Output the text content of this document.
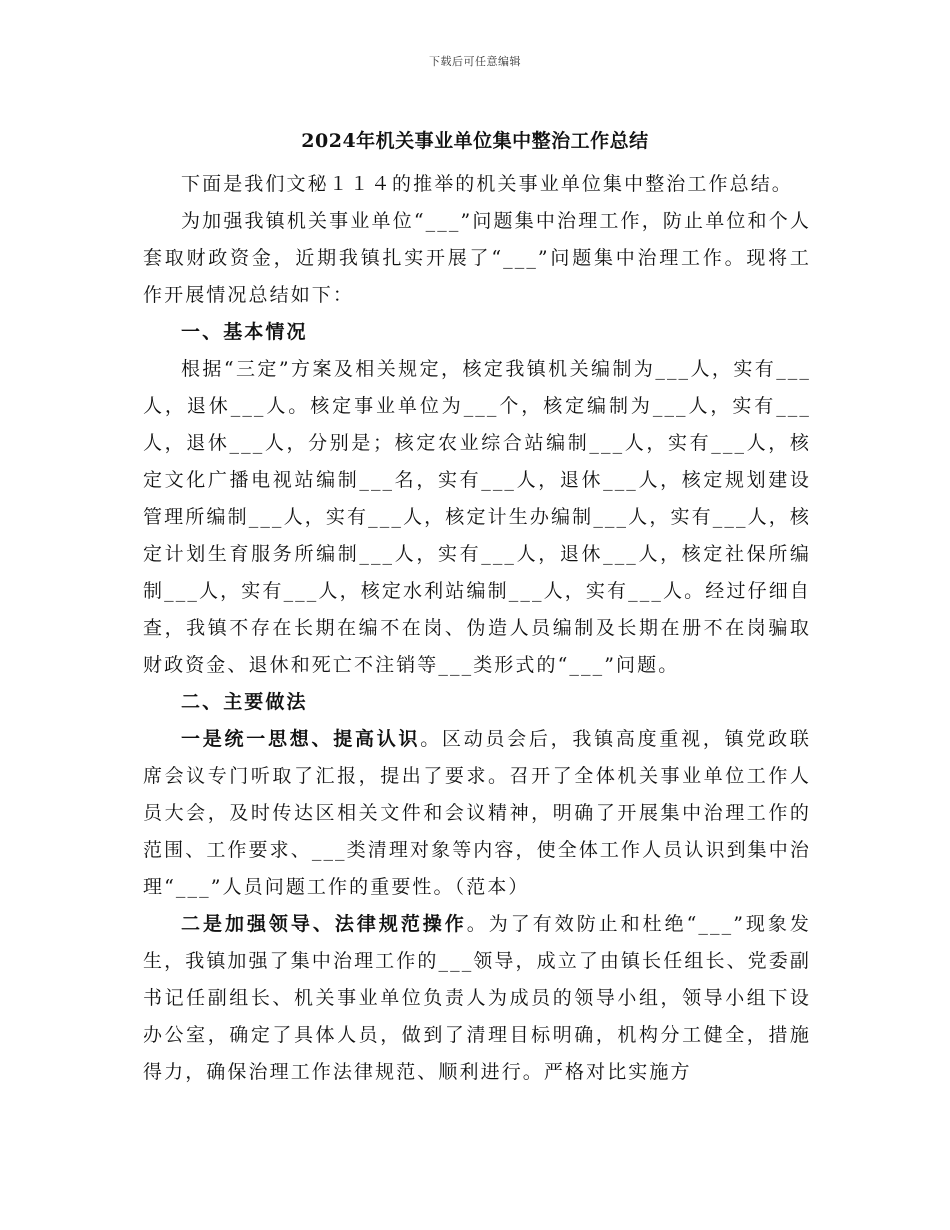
下载后可任意编辑
2024年机关事业单位集中整治工作总结

下面是我们文秘１１４的推举的机关事业单位集中整治工作总结。

为加强我镇机关事业单位“___”问题集中治理工作，防止单位和个人套取财政资金，近期我镇扎实开展了“___”问题集中治理工作。现将工作开展情况总结如下：

一、基本情况

根据“三定”方案及相关规定，核定我镇机关编制为___人，实有___人，退休___人。核定事业单位为___个，核定编制为___人，实有___人，退休___人，分别是；核定农业综合站编制___人，实有___人，核定文化广播电视站编制___名，实有___人，退休___人，核定规划建设管理所编制___人，实有___人，核定计生办编制___人，实有___人，核定计划生育服务所编制___人，实有___人，退休___人，核定社保所编制___人，实有___人，核定水利站编制___人，实有___人。经过仔细自查，我镇不存在长期在编不在岗、伪造人员编制及长期在册不在岗骗取财政资金、退休和死亡不注销等___类形式的“___”问题。

二、主要做法

一是统一思想、提高认识。区动员会后，我镇高度重视，镇党政联席会议专门听取了汇报，提出了要求。召开了全体机关事业单位工作人员大会，及时传达区相关文件和会议精神，明确了开展集中治理工作的范围、工作要求、___类清理对象等内容，使全体工作人员认识到集中治理“___”人员问题工作的重要性。（范本）

二是加强领导、法律规范操作。为了有效防止和杜绝“___”现象发生，我镇加强了集中治理工作的___领导，成立了由镇长任组长、党委副书记任副组长、机关事业单位负责人为成员的领导小组，领导小组下设办公室，确定了具体人员，做到了清理目标明确，机构分工健全，措施得力，确保治理工作法律规范、顺利进行。严格对比实施方
